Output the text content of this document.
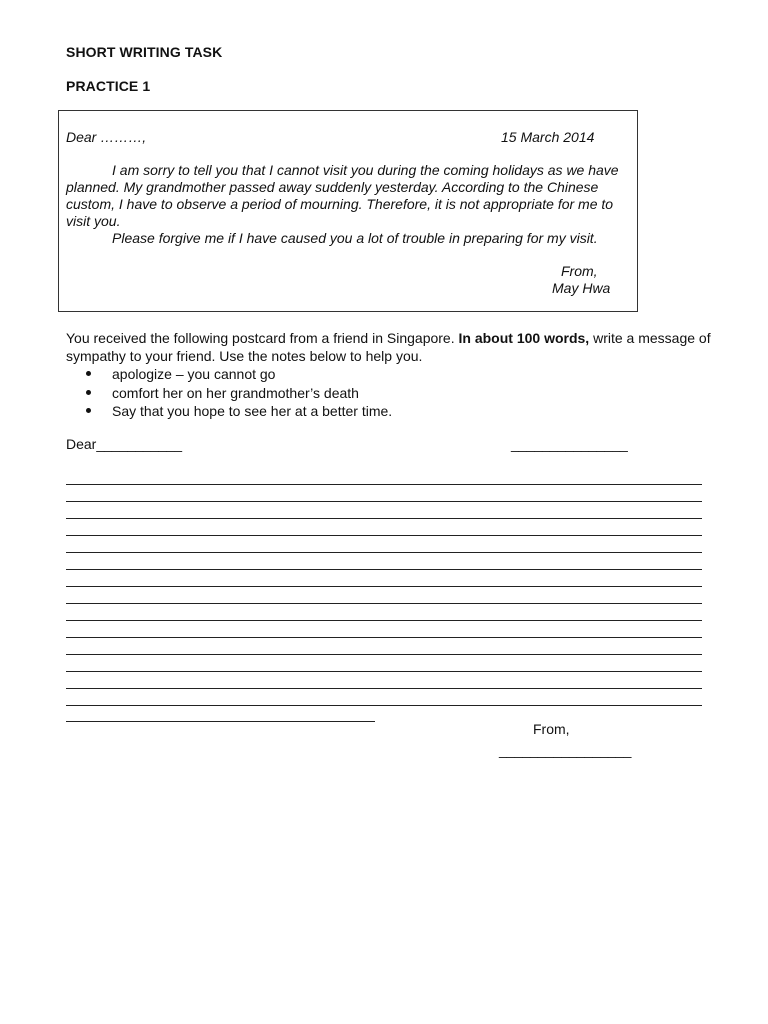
SHORT WRITING TASK
PRACTICE 1
Dear ………,	15 March 2014

I am sorry to tell you that I cannot visit you during the coming holidays as we have planned. My grandmother passed away suddenly yesterday. According to the Chinese custom, I have to observe a period of mourning. Therefore, it is not appropriate for me to visit you.

Please forgive me if I have caused you a lot of trouble in preparing for my visit.

From,
May Hwa
You received the following postcard from a friend in Singapore. In about 100 words, write a message of sympathy to your friend. Use the notes below to help you.
apologize – you cannot go
comfort her on her grandmother’s death
Say that you hope to see her at a better time.
Dear___________	_______________
From,
_________________
